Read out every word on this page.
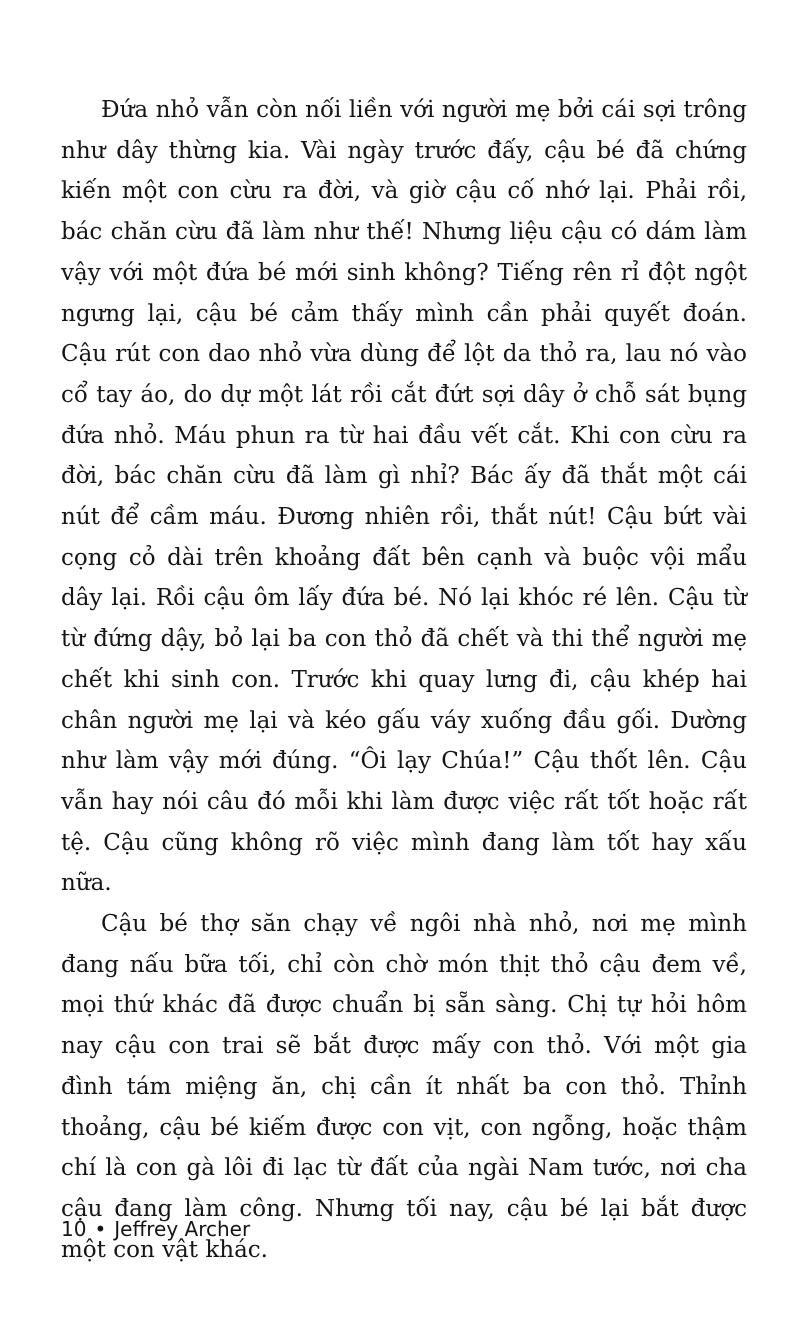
Đứa nhỏ vẫn còn nối liền với người mẹ bởi cái sợi trông như dây thừng kia. Vài ngày trước đấy, cậu bé đã chứng kiến một con cừu ra đời, và giờ cậu cố nhớ lại. Phải rồi, bác chăn cừu đã làm như thế! Nhưng liệu cậu có dám làm vậy với một đứa bé mới sinh không? Tiếng rên rỉ đột ngột ngưng lại, cậu bé cảm thấy mình cần phải quyết đoán. Cậu rút con dao nhỏ vừa dùng để lột da thỏ ra, lau nó vào cổ tay áo, do dự một lát rồi cắt đứt sợi dây ở chỗ sát bụng đứa nhỏ. Máu phun ra từ hai đầu vết cắt. Khi con cừu ra đời, bác chăn cừu đã làm gì nhỉ? Bác ấy đã thắt một cái nút để cầm máu. Đương nhiên rồi, thắt nút! Cậu bứt vài cọng cỏ dài trên khoảng đất bên cạnh và buộc vội mẩu dây lại. Rồi cậu ôm lấy đứa bé. Nó lại khóc ré lên. Cậu từ từ đứng dậy, bỏ lại ba con thỏ đã chết và thi thể người mẹ chết khi sinh con. Trước khi quay lưng đi, cậu khép hai chân người mẹ lại và kéo gấu váy xuống đầu gối. Dường như làm vậy mới đúng. “Ôi lạy Chúa!” Cậu thốt lên. Cậu vẫn hay nói câu đó mỗi khi làm được việc rất tốt hoặc rất tệ. Cậu cũng không rõ việc mình đang làm tốt hay xấu nữa.

Cậu bé thợ săn chạy về ngôi nhà nhỏ, nơi mẹ mình đang nấu bữa tối, chỉ còn chờ món thịt thỏ cậu đem về, mọi thứ khác đã được chuẩn bị sẵn sàng. Chị tự hỏi hôm nay cậu con trai sẽ bắt được mấy con thỏ. Với một gia đình tám miệng ăn, chị cần ít nhất ba con thỏ. Thỉnh thoảng, cậu bé kiếm được con vịt, con ngỗng, hoặc thậm chí là con gà lôi đi lạc từ đất của ngài Nam tước, nơi cha cậu đang làm công. Nhưng tối nay, cậu bé lại bắt được một con vật khác.

10 • Jeffrey Archer
